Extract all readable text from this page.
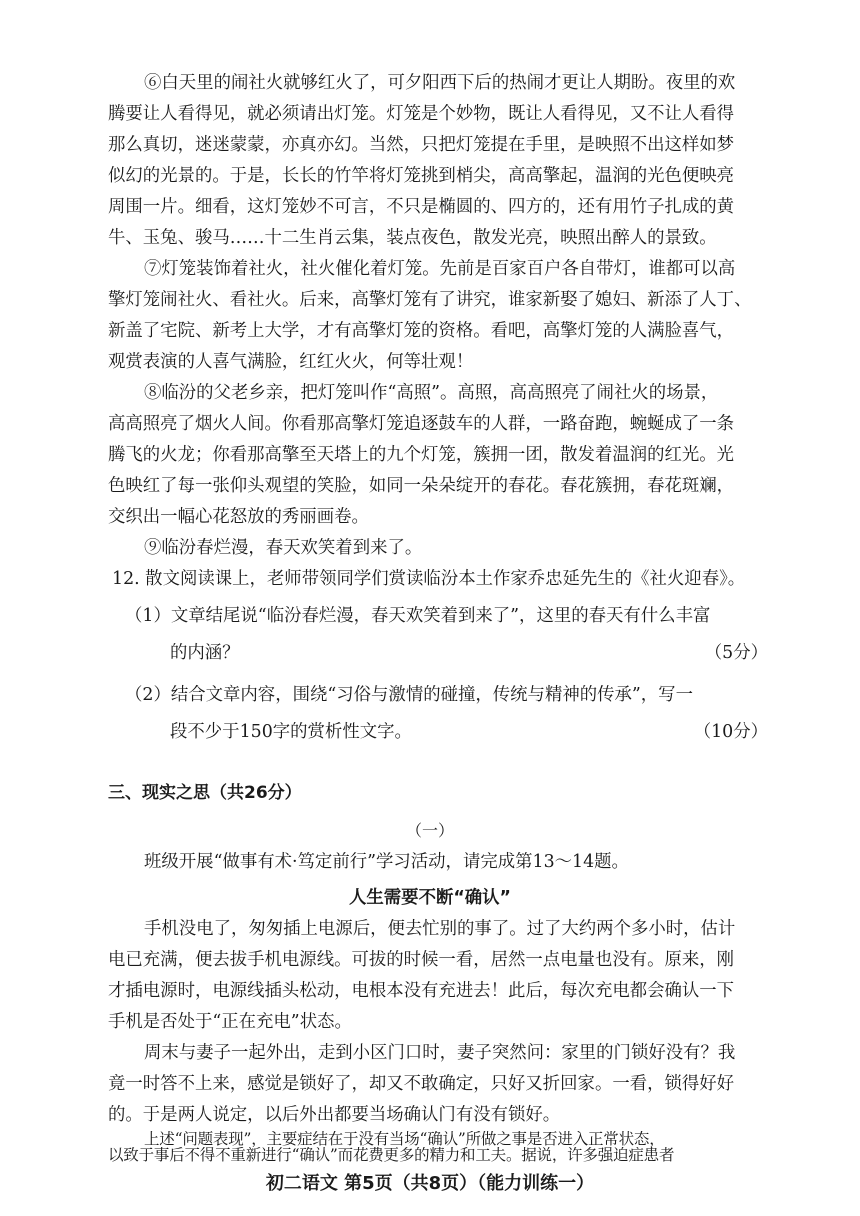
⑥白天里的闹社火就够红火了，可夕阳西下后的热闹才更让人期盼。夜里的欢
腾要让人看得见，就必须请出灯笼。灯笼是个妙物，既让人看得见，又不让人看得
那么真切，迷迷蒙蒙，亦真亦幻。当然，只把灯笼提在手里，是映照不出这样如梦
似幻的光景的。于是，长长的竹竿将灯笼挑到梢尖，高高擎起，温润的光色便映亮
周围一片。细看，这灯笼妙不可言，不只是椭圆的、四方的，还有用竹子扎成的黄
牛、玉兔、骏马……十二生肖云集，装点夜色，散发光亮，映照出醉人的景致。
⑦灯笼装饰着社火，社火催化着灯笼。先前是百家百户各自带灯，谁都可以高
擎灯笼闹社火、看社火。后来，高擎灯笼有了讲究，谁家新娶了媳妇、新添了人丁、
新盖了宅院、新考上大学，才有高擎灯笼的资格。看吧，高擎灯笼的人满脸喜气，
观赏表演的人喜气满脸，红红火火，何等壮观！
⑧临汾的父老乡亲，把灯笼叫作“高照”。高照，高高照亮了闹社火的场景，
高高照亮了烟火人间。你看那高擎灯笼追逐鼓车的人群，一路奋跑，蜿蜒成了一条
腾飞的火龙；你看那高擎至天塔上的九个灯笼，簇拥一团，散发着温润的红光。光
色映红了每一张仰头观望的笑脸，如同一朵朵绽开的春花。春花簇拥，春花斑斓，
交织出一幅心花怒放的秀丽画卷。
⑨临汾春烂漫，春天欢笑着到来了。
12. 散文阅读课上，老师带领同学们赏读临汾本土作家乔忠延先生的《社火迎春》。
（1）文章结尾说“临汾春烂漫，春天欢笑着到来了”，这里的春天有什么丰富
的内涵？	（5分）
（2）结合文章内容，围绕“习俗与激情的碰撞，传统与精神的传承”，写一
段不少于150字的赏析性文字。	（10分）
三、现实之思（共26分）
（一）
班级开展“做事有术·笃定前行”学习活动，请完成第13～14题。
人生需要不断“确认”
手机没电了，匆匆插上电源后，便去忙别的事了。过了大约两个多小时，估计
电已充满，便去拔手机电源线。可拔的时候一看，居然一点电量也没有。原来，刚
才插电源时，电源线插头松动，电根本没有充进去！此后，每次充电都会确认一下
手机是否处于“正在充电”状态。
周末与妻子一起外出，走到小区门口时，妻子突然问：家里的门锁好没有？我
竟一时答不上来，感觉是锁好了，却又不敢确定，只好又折回家。一看，锁得好好
的。于是两人说定，以后外出都要当场确认门有没有锁好。
上述“问题表现”，主要症结在于没有当场“确认”所做之事是否进入正常状态，
以致于事后不得不重新进行“确认”而花费更多的精力和工夫。据说，许多强迫症患者
初二语文 第5页（共8页）（能力训练一）
